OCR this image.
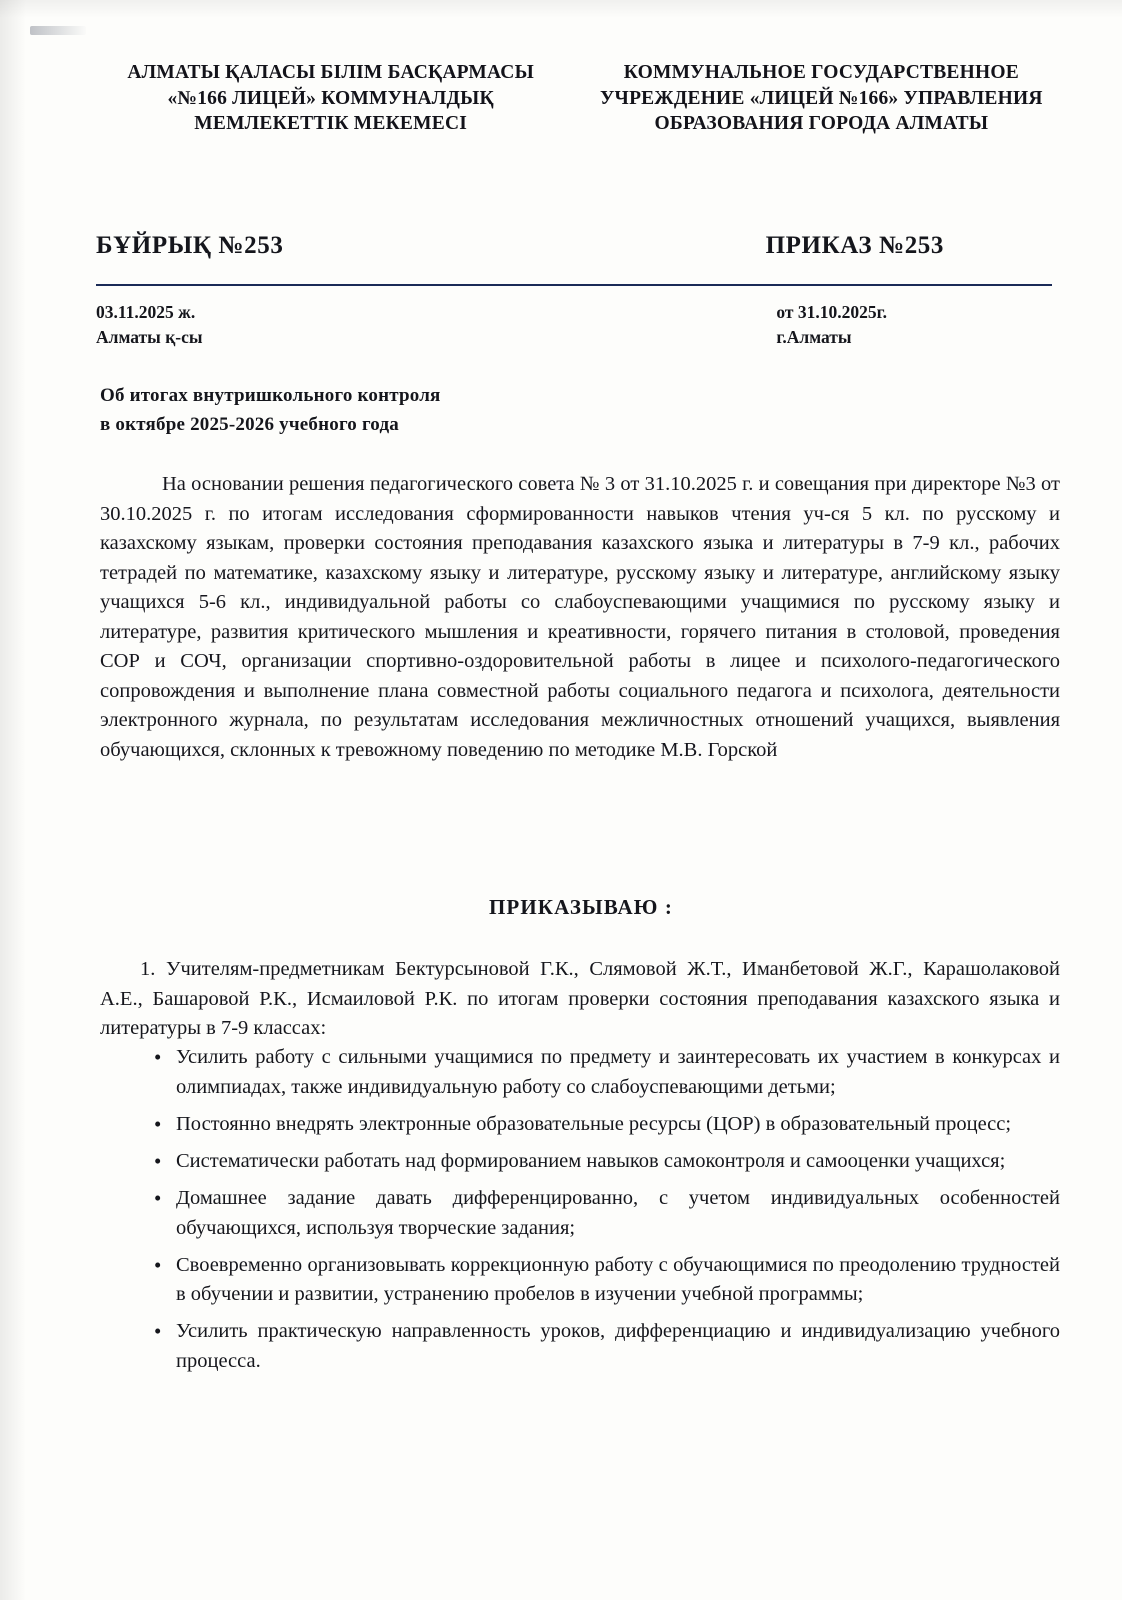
АЛМАТЫ ҚАЛАСЫ БІЛІМ БАСҚАРМАСЫ «№166 ЛИЦЕЙ» КОММУНАЛДЫҚ МЕМЛЕКЕТТІК МЕКЕМЕСІ
КОММУНАЛЬНОЕ ГОСУДАРСТВЕННОЕ УЧРЕЖДЕНИЕ «ЛИЦЕЙ №166» УПРАВЛЕНИЯ ОБРАЗОВАНИЯ ГОРОДА АЛМАТЫ
БҰЙРЫҚ №253	ПРИКАЗ №253
03.11.2025 ж.
Алматы қ-сы
от 31.10.2025г.
г.Алматы
Об итогах внутришкольного контроля
в октябре 2025-2026 учебного года
На основании решения педагогического совета № 3 от 31.10.2025 г. и совещания при директоре №3 от 30.10.2025 г. по итогам исследования сформированности навыков чтения уч-ся 5 кл. по русскому и казахскому языкам, проверки состояния преподавания казахского языка и литературы в 7-9 кл., рабочих тетрадей по математике, казахскому языку и литературе, русскому языку и литературе, английскому языку учащихся 5-6 кл., индивидуальной работы со слабоуспевающими учащимися по русскому языку и литературе, развития критического мышления и креативности, горячего питания в столовой, проведения СОР и СОЧ, организации спортивно-оздоровительной работы в лицее и психолого-педагогического сопровождения и выполнение плана совместной работы социального педагога и психолога, деятельности электронного журнала, по результатам исследования межличностных отношений учащихся, выявления обучающихся, склонных к тревожному поведению по методике М.В. Горской
ПРИКАЗЫВАЮ :
1. Учителям-предметникам Бектурсыновой Г.К., Слямовой Ж.Т., Иманбетовой Ж.Г., Карашолаковой А.Е., Башаровой Р.К., Исмаиловой Р.К. по итогам проверки состояния преподавания казахского языка и литературы в 7-9 классах:
• Усилить работу с сильными учащимися по предмету и заинтересовать их участием в конкурсах и олимпиадах, также индивидуальную работу со слабоуспевающими детьми;
• Постоянно внедрять электронные образовательные ресурсы (ЦОР) в образовательный процесс;
• Систематически работать над формированием навыков самоконтроля и самооценки учащихся;
• Домашнее задание давать дифференцированно, с учетом индивидуальных особенностей обучающихся, используя творческие задания;
• Своевременно организовывать коррекционную работу с обучающимися по преодолению трудностей в обучении и развитии, устранению пробелов в изучении учебной программы;
• Усилить практическую направленность уроков, дифференциацию и индивидуализацию учебного процесса.
